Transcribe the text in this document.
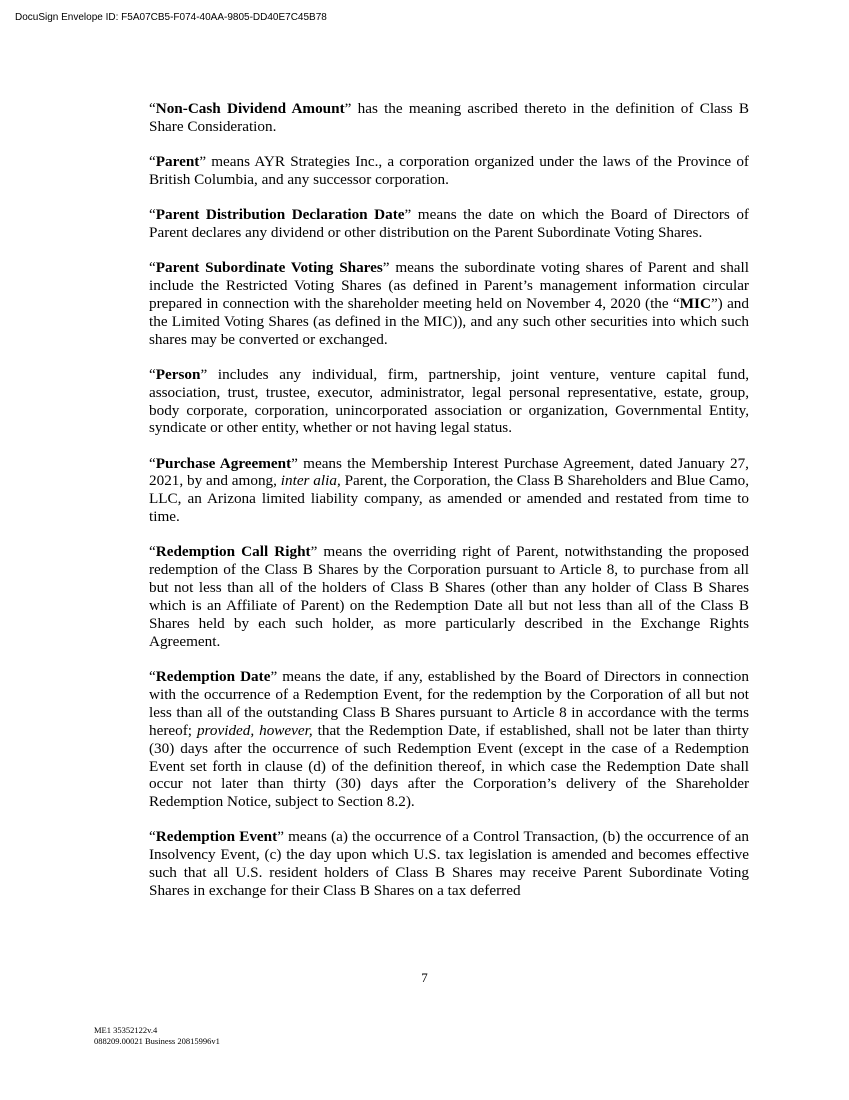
DocuSign Envelope ID: F5A07CB5-F074-40AA-9805-DD40E7C45B78

“Non-Cash Dividend Amount” has the meaning ascribed thereto in the definition of Class B Share Consideration.

“Parent” means AYR Strategies Inc., a corporation organized under the laws of the Province of British Columbia, and any successor corporation.

“Parent Distribution Declaration Date” means the date on which the Board of Directors of Parent declares any dividend or other distribution on the Parent Subordinate Voting Shares.

“Parent Subordinate Voting Shares” means the subordinate voting shares of Parent and shall include the Restricted Voting Shares (as defined in Parent’s management information circular prepared in connection with the shareholder meeting held on November 4, 2020 (the “MIC”) and the Limited Voting Shares (as defined in the MIC)), and any such other securities into which such shares may be converted or exchanged.

“Person” includes any individual, firm, partnership, joint venture, venture capital fund, association, trust, trustee, executor, administrator, legal personal representative, estate, group, body corporate, corporation, unincorporated association or organization, Governmental Entity, syndicate or other entity, whether or not having legal status.

“Purchase Agreement” means the Membership Interest Purchase Agreement, dated January 27, 2021, by and among, inter alia, Parent, the Corporation, the Class B Shareholders and Blue Camo, LLC, an Arizona limited liability company, as amended or amended and restated from time to time.

“Redemption Call Right” means the overriding right of Parent, notwithstanding the proposed redemption of the Class B Shares by the Corporation pursuant to Article 8, to purchase from all but not less than all of the holders of Class B Shares (other than any holder of Class B Shares which is an Affiliate of Parent) on the Redemption Date all but not less than all of the Class B Shares held by each such holder, as more particularly described in the Exchange Rights Agreement.

“Redemption Date” means the date, if any, established by the Board of Directors in connection with the occurrence of a Redemption Event, for the redemption by the Corporation of all but not less than all of the outstanding Class B Shares pursuant to Article 8 in accordance with the terms hereof; provided, however, that the Redemption Date, if established, shall not be later than thirty (30) days after the occurrence of such Redemption Event (except in the case of a Redemption Event set forth in clause (d) of the definition thereof, in which case the Redemption Date shall occur not later than thirty (30) days after the Corporation’s delivery of the Shareholder Redemption Notice, subject to Section 8.2).

“Redemption Event” means (a) the occurrence of a Control Transaction, (b) the occurrence of an Insolvency Event, (c) the day upon which U.S. tax legislation is amended and becomes effective such that all U.S. resident holders of Class B Shares may receive Parent Subordinate Voting Shares in exchange for their Class B Shares on a tax deferred

7
ME1 35352122v.4
088209.00021 Business 20815996v1
